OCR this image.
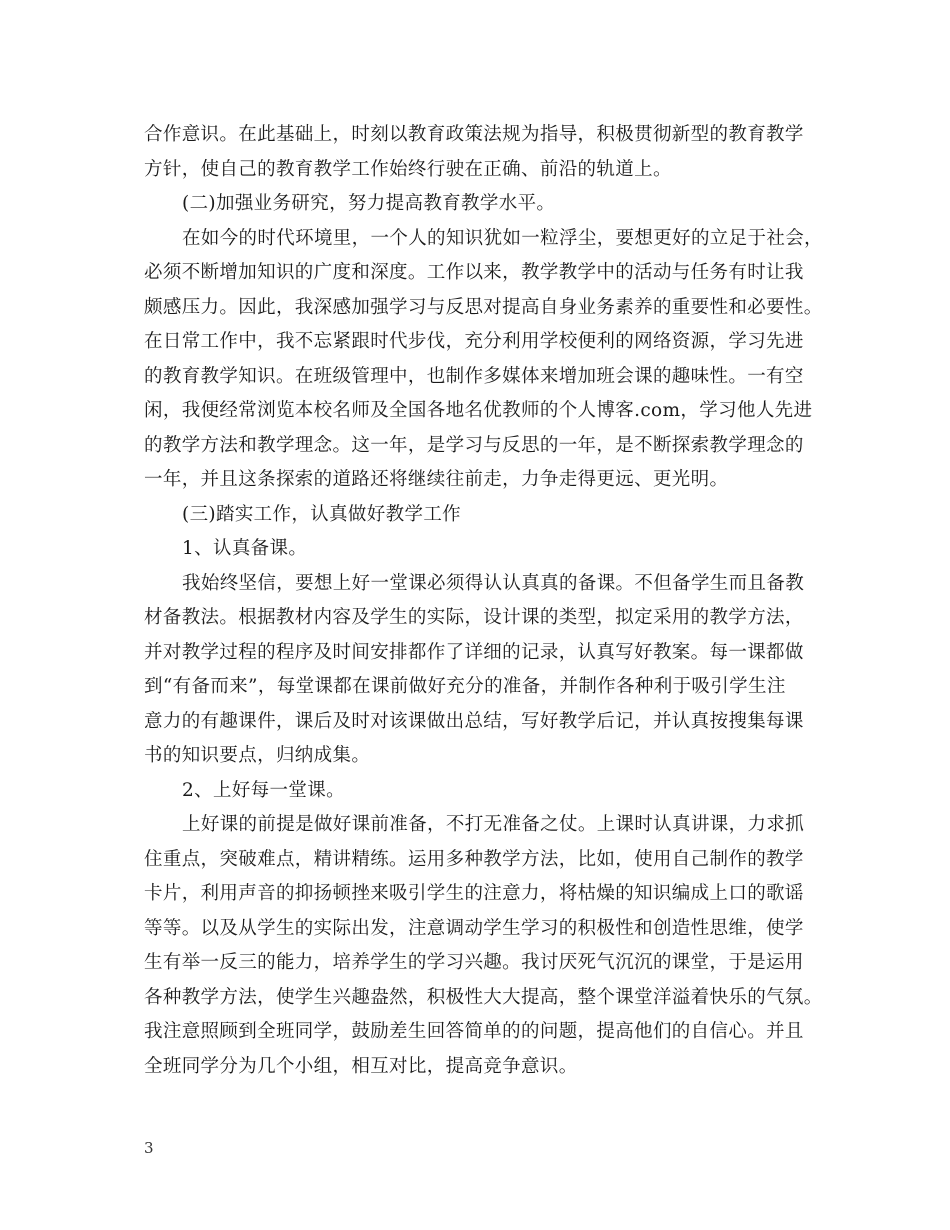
合作意识。在此基础上，时刻以教育政策法规为指导，积极贯彻新型的教育教学
方针，使自己的教育教学工作始终行驶在正确、前沿的轨道上。
(二)加强业务研究，努力提高教育教学水平。
在如今的时代环境里，一个人的知识犹如一粒浮尘，要想更好的立足于社会，
必须不断增加知识的广度和深度。工作以来，教学教学中的活动与任务有时让我
颇感压力。因此，我深感加强学习与反思对提高自身业务素养的重要性和必要性。
在日常工作中，我不忘紧跟时代步伐，充分利用学校便利的网络资源，学习先进
的教育教学知识。在班级管理中，也制作多媒体来增加班会课的趣味性。一有空
闲，我便经常浏览本校名师及全国各地名优教师的个人博客.com，学习他人先进
的教学方法和教学理念。这一年，是学习与反思的一年，是不断探索教学理念的
一年，并且这条探索的道路还将继续往前走，力争走得更远、更光明。
(三)踏实工作，认真做好教学工作
1、认真备课。
我始终坚信，要想上好一堂课必须得认认真真的备课。不但备学生而且备教
材备教法。根据教材内容及学生的实际，设计课的类型，拟定采用的教学方法，
并对教学过程的程序及时间安排都作了详细的记录，认真写好教案。每一课都做
到“有备而来”，每堂课都在课前做好充分的准备，并制作各种利于吸引学生注
意力的有趣课件，课后及时对该课做出总结，写好教学后记，并认真按搜集每课
书的知识要点，归纳成集。
2、上好每一堂课。
上好课的前提是做好课前准备，不打无准备之仗。上课时认真讲课，力求抓
住重点，突破难点，精讲精练。运用多种教学方法，比如，使用自己制作的教学
卡片，利用声音的抑扬顿挫来吸引学生的注意力，将枯燥的知识编成上口的歌谣
等等。以及从学生的实际出发，注意调动学生学习的积极性和创造性思维，使学
生有举一反三的能力，培养学生的学习兴趣。我讨厌死气沉沉的课堂，于是运用
各种教学方法，使学生兴趣盎然，积极性大大提高，整个课堂洋溢着快乐的气氛。
我注意照顾到全班同学，鼓励差生回答简单的的问题，提高他们的自信心。并且
全班同学分为几个小组，相互对比，提高竞争意识。
3
